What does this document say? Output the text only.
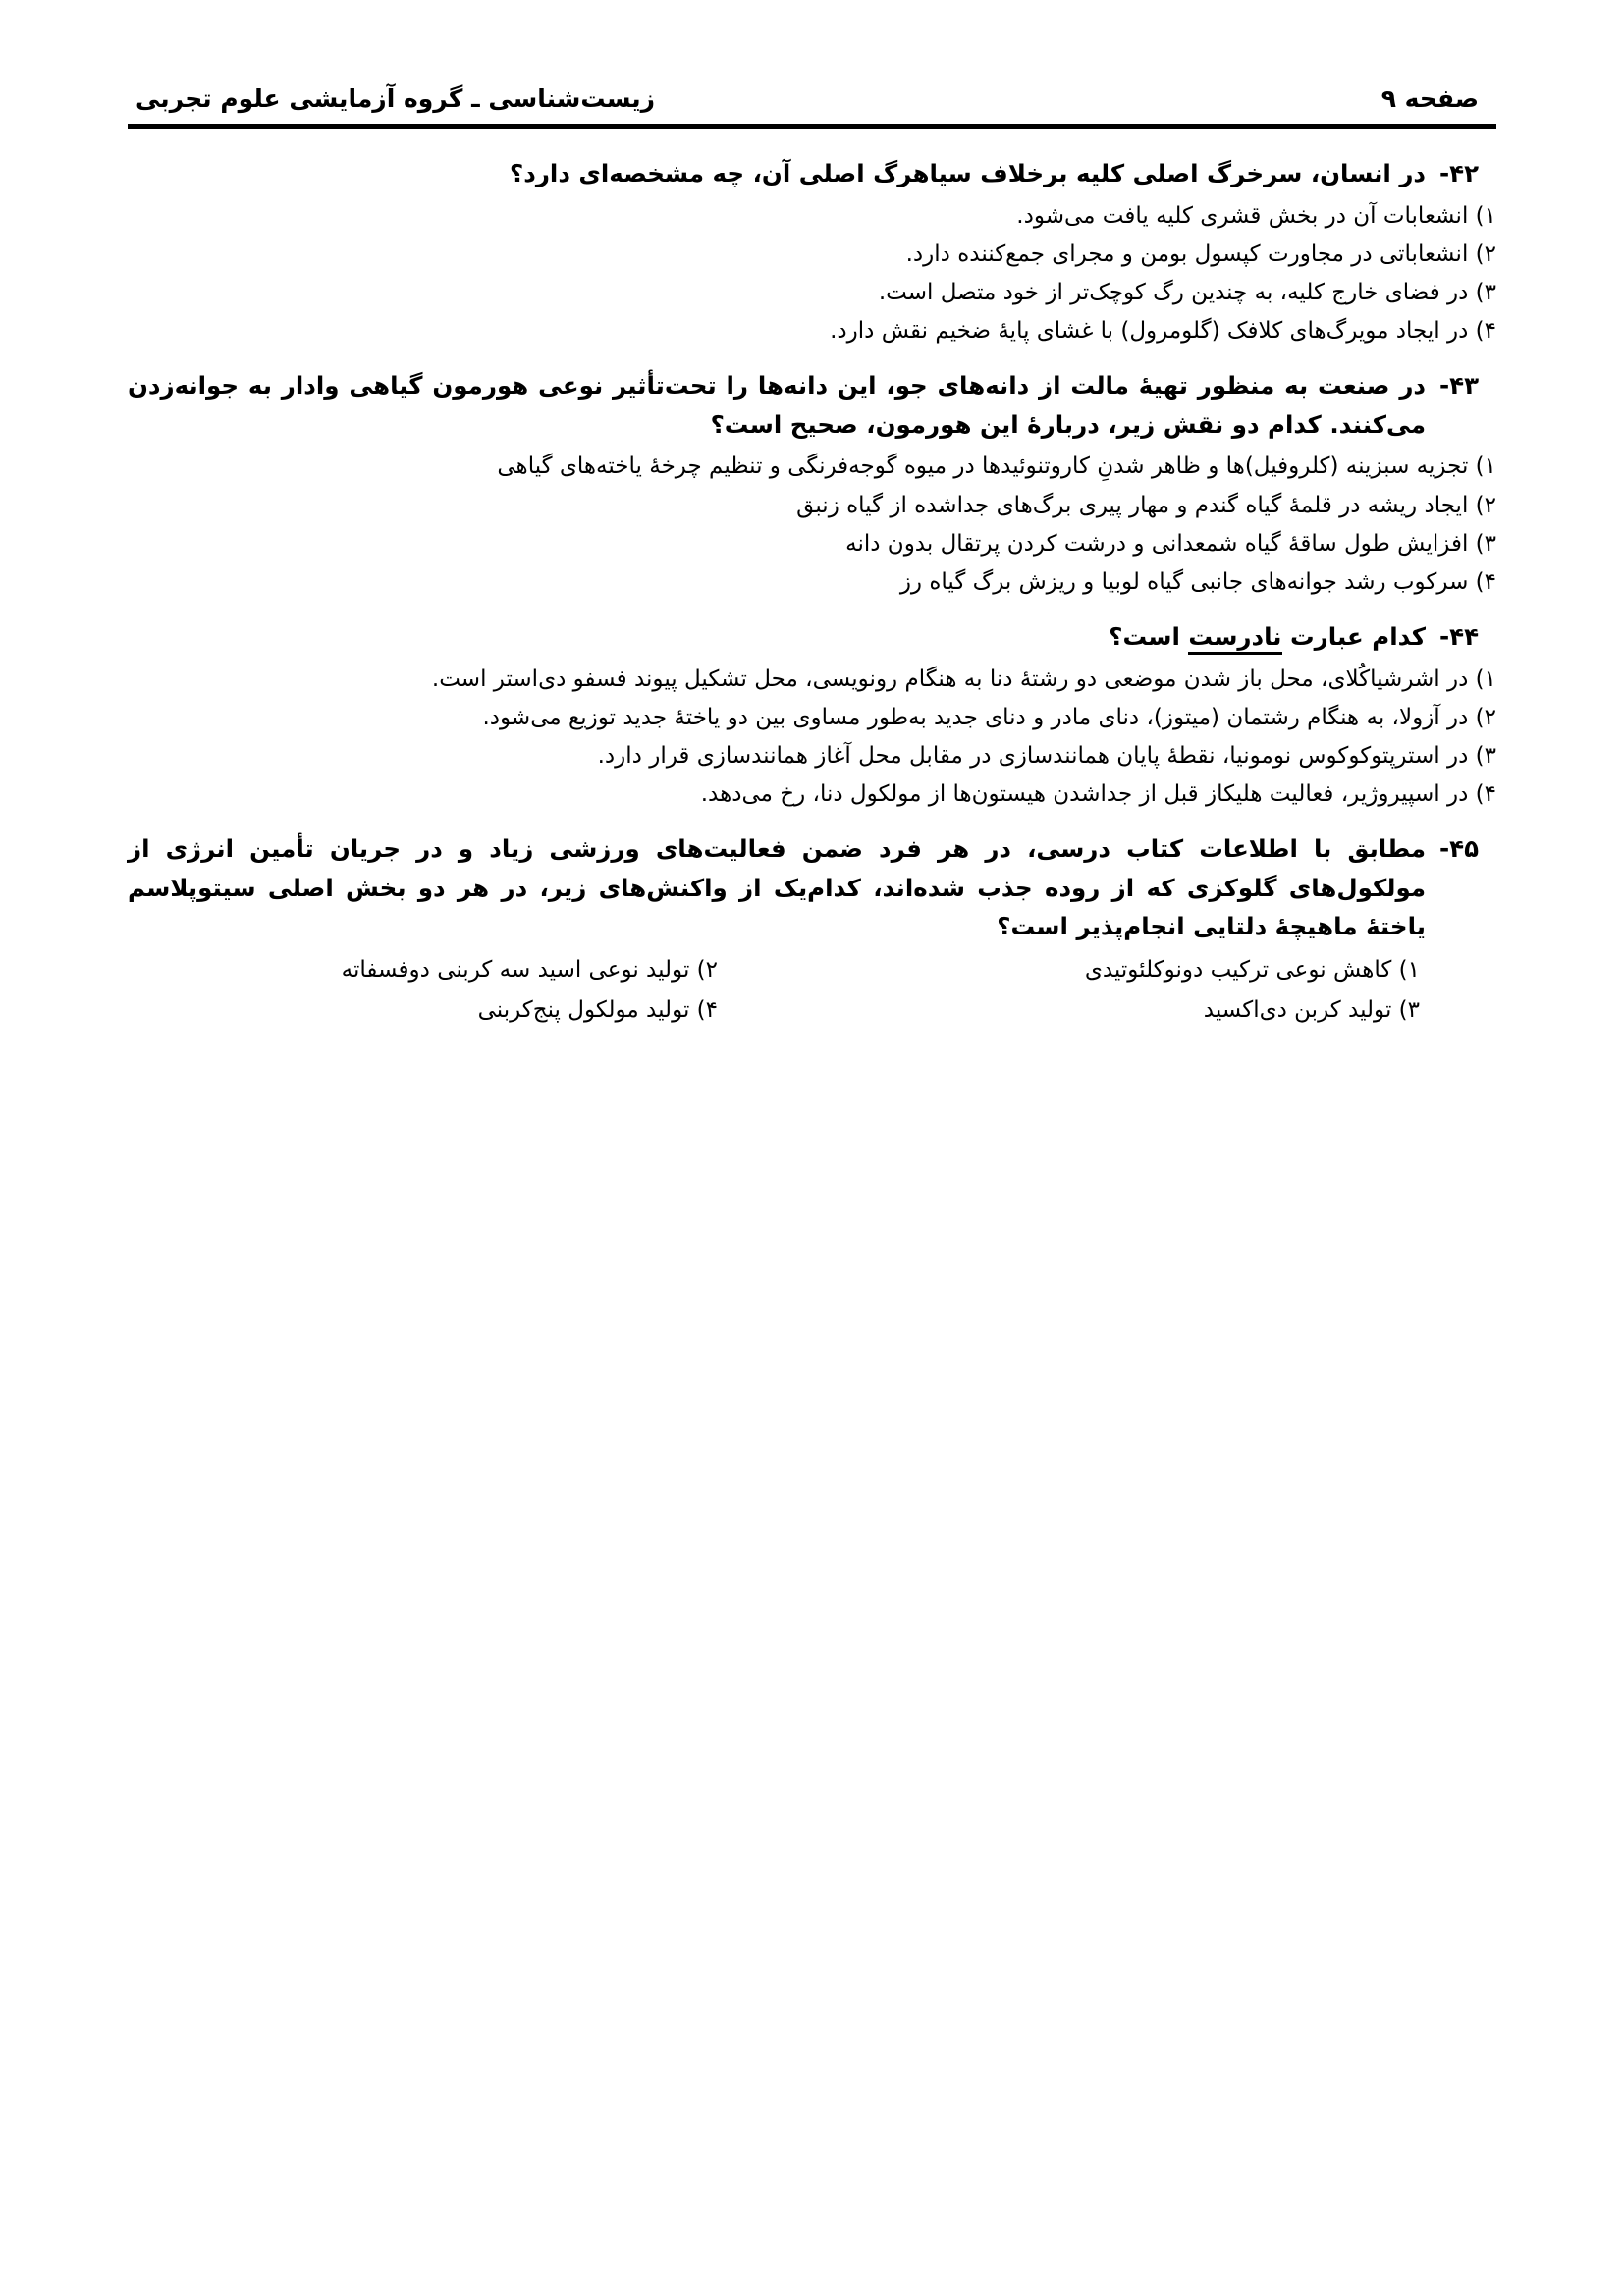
زیست‌شناسی ـ گروه آزمایشی علوم تجربی	صفحه ۹
۴۲-
در انسان، سرخرگ اصلی کلیه برخلاف سیاهرگ اصلی آن، چه مشخصه‌ای دارد؟
۱) انشعابات آن در بخش قشری کلیه یافت می‌شود.
۲) انشعاباتی در مجاورت کپسول بومن و مجرای جمع‌کننده دارد.
۳) در فضای خارج کلیه، به چندین رگ کوچک‌تر از خود متصل است.
۴) در ایجاد مویرگ‌های کلافک (گلومرول) با غشای پایهٔ ضخیم نقش دارد.
۴۳-
در صنعت به منظور تهیهٔ مالت از دانه‌های جو، این دانه‌ها را تحت‌تأثیر نوعی هورمون گیاهی وادار به جوانه‌زدن می‌کنند. کدام دو نقش زیر، دربارهٔ این هورمون، صحیح است؟
۱) تجزیه سبزینه (کلروفیل)‌ها و ظاهر شدنِ کاروتنوئیدها در میوه گوجه‌فرنگی و تنظیم چرخهٔ یاخته‌های گیاهی
۲) ایجاد ریشه در قلمهٔ گیاه گندم و مهار پیری برگ‌های جداشده از گیاه زنبق
۳) افزایش طول ساقهٔ گیاه شمعدانی و درشت کردن پرتقال بدون دانه
۴) سرکوب رشد جوانه‌های جانبی گیاه لوبیا و ریزش برگ گیاه رز
۴۴-
کدام عبارت نادرست است؟
۱) در اشرشیاکُلای، محل باز شدن موضعی دو رشتهٔ دنا به هنگام رونویسی، محل تشکیل پیوند فسفو دی‌استر است.
۲) در آزولا، به هنگام رشتمان (میتوز)، دنای مادر و دنای جدید به‌طور مساوی بین دو یاختهٔ جدید توزیع می‌شود.
۳) در استرپتوکوکوس نومونیا، نقطهٔ پایان همانندسازی در مقابل محل آغاز همانندسازی قرار دارد.
۴) در اسپیروژیر، فعالیت هلیکاز قبل از جداشدن هیستون‌ها از مولکول دنا، رخ می‌دهد.
۴۵-
مطابق با اطلاعات کتاب درسی، در هر فرد ضمن فعالیت‌های ورزشی زیاد و در جریان تأمین انرژی از مولکول‌های گلوکزی که از روده جذب شده‌اند، کدام‌یک از واکنش‌های زیر، در هر دو بخش اصلی سیتوپلاسم یاختهٔ ماهیچهٔ دلتایی انجام‌پذیر است؟
۱) کاهش نوعی ترکیب دونوکلئوتیدی
۲) تولید نوعی اسید سه کربنی دوفسفاته
۳) تولید کربن دی‌اکسید
۴) تولید مولکول پنج‌کربنی
